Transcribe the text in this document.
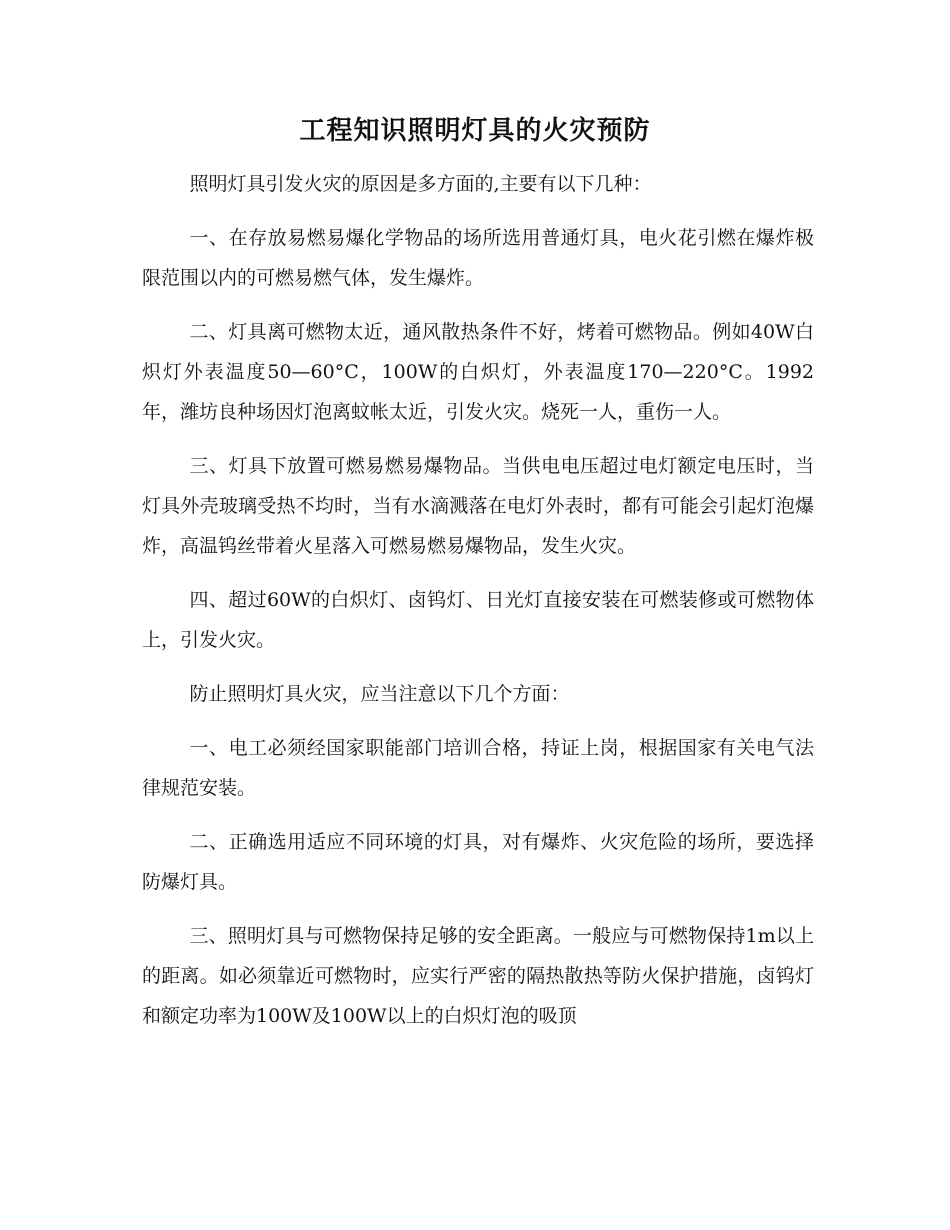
工程知识照明灯具的火灾预防

照明灯具引发火灾的原因是多方面的,主要有以下几种：

一、在存放易燃易爆化学物品的场所选用普通灯具，电火花引燃在爆炸极限范围以内的可燃易燃气体，发生爆炸。

二、灯具离可燃物太近，通风散热条件不好，烤着可燃物品。例如40W白炽灯外表温度50—60°C，100W的白炽灯，外表温度170—220°C。1992年，潍坊良种场因灯泡离蚊帐太近，引发火灾。烧死一人，重伤一人。

三、灯具下放置可燃易燃易爆物品。当供电电压超过电灯额定电压时，当灯具外壳玻璃受热不均时，当有水滴溅落在电灯外表时，都有可能会引起灯泡爆炸，高温钨丝带着火星落入可燃易燃易爆物品，发生火灾。

四、超过60W的白炽灯、卤钨灯、日光灯直接安装在可燃装修或可燃物体上，引发火灾。

防止照明灯具火灾，应当注意以下几个方面：

一、电工必须经国家职能部门培训合格，持证上岗，根据国家有关电气法律规范安装。

二、正确选用适应不同环境的灯具，对有爆炸、火灾危险的场所，要选择防爆灯具。

三、照明灯具与可燃物保持足够的安全距离。一般应与可燃物保持1m以上的距离。如必须靠近可燃物时，应实行严密的隔热散热等防火保护措施，卤钨灯和额定功率为100W及100W以上的白炽灯泡的吸顶
